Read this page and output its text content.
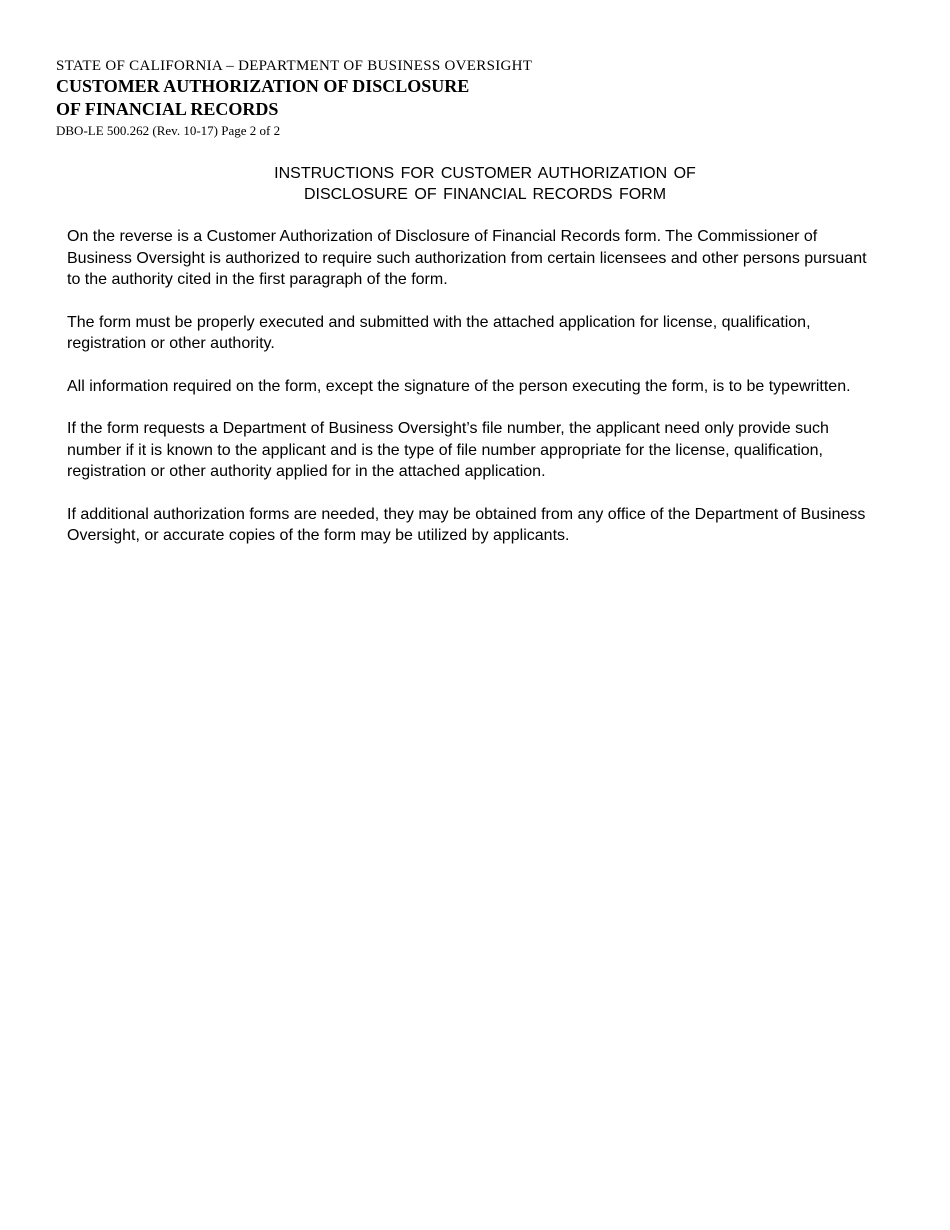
STATE OF CALIFORNIA – DEPARTMENT OF BUSINESS OVERSIGHT
CUSTOMER AUTHORIZATION OF DISCLOSURE
OF FINANCIAL RECORDS
DBO-LE 500.262 (Rev. 10-17) Page 2 of 2
INSTRUCTIONS FOR CUSTOMER AUTHORIZATION OF
DISCLOSURE OF FINANCIAL RECORDS FORM

On the reverse is a Customer Authorization of Disclosure of Financial Records form. The Commissioner of Business Oversight is authorized to require such authorization from certain licensees and other persons pursuant to the authority cited in the first paragraph of the form.

The form must be properly executed and submitted with the attached application for license, qualification, registration or other authority.

All information required on the form, except the signature of the person executing the form, is to be typewritten.

If the form requests a Department of Business Oversight’s file number, the applicant need only provide such number if it is known to the applicant and is the type of file number appropriate for the license, qualification, registration or other authority applied for in the attached application.

If additional authorization forms are needed, they may be obtained from any office of the Department of Business Oversight, or accurate copies of the form may be utilized by applicants.
